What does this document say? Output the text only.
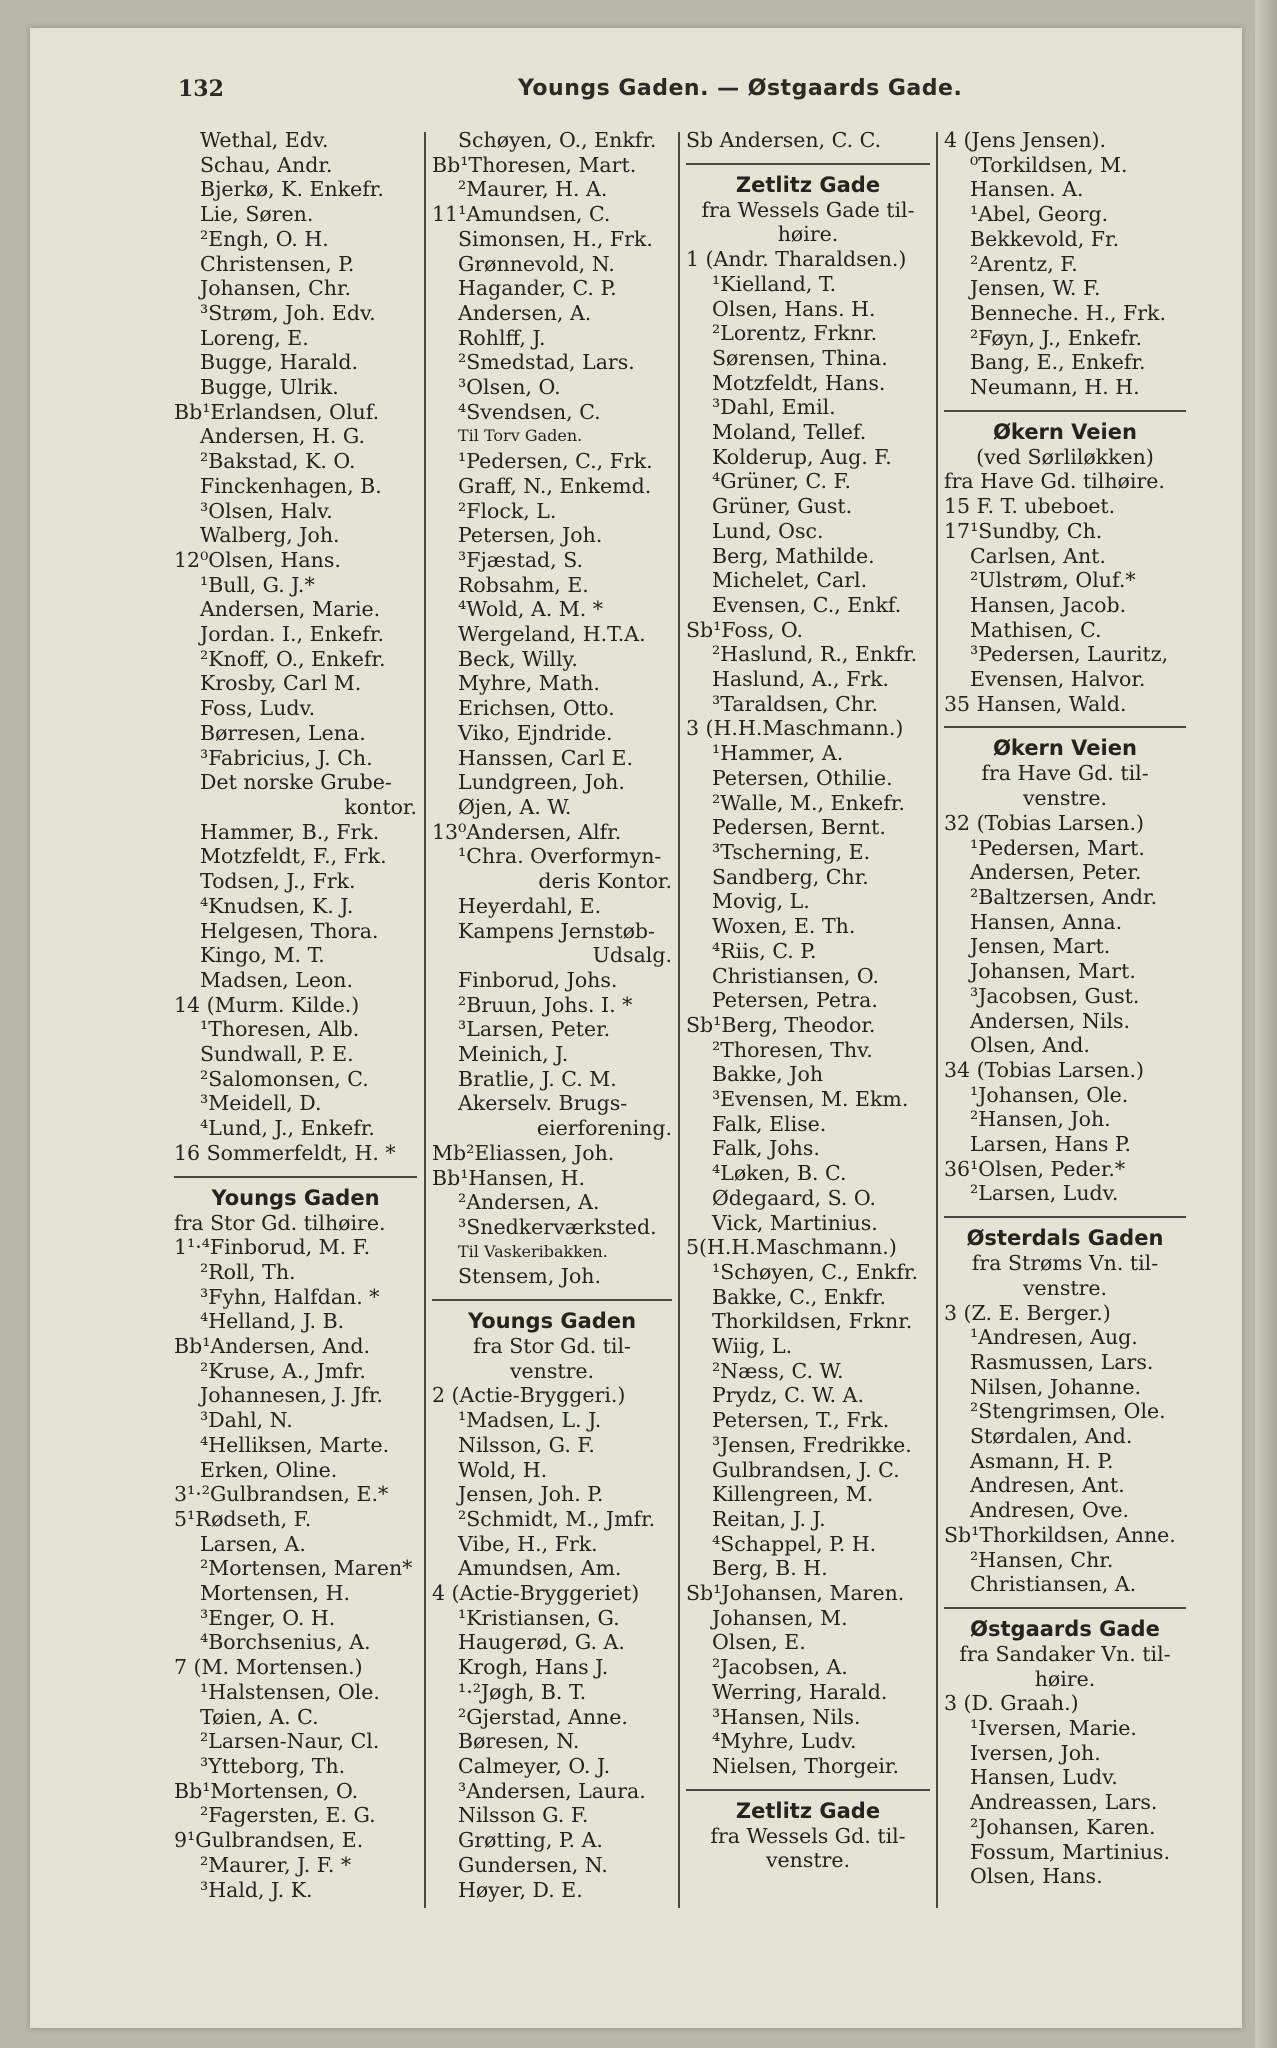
132	Youngs Gaden. — Østgaards Gade.
Wethal, Edv.
Schau, Andr.
Bjerkø, K. Enkefr.
Lie, Søren.
²Engh, O. H.
Christensen, P.
Johansen, Chr.
³Strøm, Joh. Edv.
Loreng, E.
Bugge, Harald.
Bugge, Ulrik.
Bb¹Erlandsen, Oluf.
Andersen, H. G.
²Bakstad, K. O.
Finckenhagen, B.
³Olsen, Halv.
Walberg, Joh.
12⁰Olsen, Hans.
¹Bull, G. J.*
Andersen, Marie.
Jordan. I., Enkefr.
²Knoff, O., Enkefr.
Krosby, Carl M.
Foss, Ludv.
Børresen, Lena.
³Fabricius, J. Ch.
Det norske Grube-
kontor.
Hammer, B., Frk.
Motzfeldt, F., Frk.
Todsen, J., Frk.
⁴Knudsen, K. J.
Helgesen, Thora.
Kingo, M. T.
Madsen, Leon.
14 (Murm. Kilde.)
¹Thoresen, Alb.
Sundwall, P. E.
²Salomonsen, C.
³Meidell, D.
⁴Lund, J., Enkefr.
16 Sommerfeldt, H. *
Youngs Gaden
fra Stor Gd. tilhøire.
1¹·⁴Finborud, M. F.
²Roll, Th.
³Fyhn, Halfdan. *
⁴Helland, J. B.
Bb¹Andersen, And.
²Kruse, A., Jmfr.
Johannesen, J. Jfr.
³Dahl, N.
⁴Helliksen, Marte.
Erken, Oline.
3¹·²Gulbrandsen, E.*
5¹Rødseth, F.
Larsen, A.
²Mortensen, Maren*
Mortensen, H.
³Enger, O. H.
⁴Borchsenius, A.
7 (M. Mortensen.)
¹Halstensen, Ole.
Tøien, A. C.
²Larsen-Naur, Cl.
³Ytteborg, Th.
Bb¹Mortensen, O.
²Fagersten, E. G.
9¹Gulbrandsen, E.
²Maurer, J. F. *
³Hald, J. K.
Schøyen, O., Enkfr.
Bb¹Thoresen, Mart.
²Maurer, H. A.
11¹Amundsen, C.
Simonsen, H., Frk.
Grønnevold, N.
Hagander, C. P.
Andersen, A.
Rohlff, J.
²Smedstad, Lars.
³Olsen, O.
⁴Svendsen, C.
Til Torv Gaden.
¹Pedersen, C., Frk.
Graff, N., Enkemd.
²Flock, L.
Petersen, Joh.
³Fjæstad, S.
Robsahm, E.
⁴Wold, A. M. *
Wergeland, H.T.A.
Beck, Willy.
Myhre, Math.
Erichsen, Otto.
Viko, Ejndride.
Hanssen, Carl E.
Lundgreen, Joh.
Øjen, A. W.
13⁰Andersen, Alfr.
¹Chra. Overformyn-
deris Kontor.
Heyerdahl, E.
Kampens Jernstøb-
Udsalg.
Finborud, Johs.
²Bruun, Johs. I. *
³Larsen, Peter.
Meinich, J.
Bratlie, J. C. M.
Akerselv. Brugs-
eierforening.
Mb²Eliassen, Joh.
Bb¹Hansen, H.
²Andersen, A.
³Snedkerværksted.
Til Vaskeribakken.
Stensem, Joh.
Youngs Gaden
fra Stor Gd. til-
venstre.
2 (Actie-Bryggeri.)
¹Madsen, L. J.
Nilsson, G. F.
Wold, H.
Jensen, Joh. P.
²Schmidt, M., Jmfr.
Vibe, H., Frk.
Amundsen, Am.
4 (Actie-Bryggeriet)
¹Kristiansen, G.
Haugerød, G. A.
Krogh, Hans J.
¹·²Jøgh, B. T.
²Gjerstad, Anne.
Børesen, N.
Calmeyer, O. J.
³Andersen, Laura.
Nilsson G. F.
Grøtting, P. A.
Gundersen, N.
Høyer, D. E.
Sb Andersen, C. C.
Zetlitz Gade
fra Wessels Gade til-
høire.
1 (Andr. Tharaldsen.)
¹Kielland, T.
Olsen, Hans. H.
²Lorentz, Frknr.
Sørensen, Thina.
Motzfeldt, Hans.
³Dahl, Emil.
Moland, Tellef.
Kolderup, Aug. F.
⁴Grüner, C. F.
Grüner, Gust.
Lund, Osc.
Berg, Mathilde.
Michelet, Carl.
Evensen, C., Enkf.
Sb¹Foss, O.
²Haslund, R., Enkfr.
Haslund, A., Frk.
³Taraldsen, Chr.
3 (H.H.Maschmann.)
¹Hammer, A.
Petersen, Othilie.
²Walle, M., Enkefr.
Pedersen, Bernt.
³Tscherning, E.
Sandberg, Chr.
Movig, L.
Woxen, E. Th.
⁴Riis, C. P.
Christiansen, O.
Petersen, Petra.
Sb¹Berg, Theodor.
²Thoresen, Thv.
Bakke, Joh
³Evensen, M. Ekm.
Falk, Elise.
Falk, Johs.
⁴Løken, B. C.
Ødegaard, S. O.
Vick, Martinius.
5(H.H.Maschmann.)
¹Schøyen, C., Enkfr.
Bakke, C., Enkfr.
Thorkildsen, Frknr.
Wiig, L.
²Næss, C. W.
Prydz, C. W. A.
Petersen, T., Frk.
³Jensen, Fredrikke.
Gulbrandsen, J. C.
Killengreen, M.
Reitan, J. J.
⁴Schappel, P. H.
Berg, B. H.
Sb¹Johansen, Maren.
Johansen, M.
Olsen, E.
²Jacobsen, A.
Werring, Harald.
³Hansen, Nils.
⁴Myhre, Ludv.
Nielsen, Thorgeir.
Zetlitz Gade
fra Wessels Gd. til-
venstre.
4 (Jens Jensen).
⁰Torkildsen, M.
Hansen. A.
¹Abel, Georg.
Bekkevold, Fr.
²Arentz, F.
Jensen, W. F.
Benneche. H., Frk.
²Føyn, J., Enkefr.
Bang, E., Enkefr.
Neumann, H. H.
Økern Veien
(ved Sørliløkken)
fra Have Gd. tilhøire.
15 F. T. ubeboet.
17¹Sundby, Ch.
Carlsen, Ant.
²Ulstrøm, Oluf.*
Hansen, Jacob.
Mathisen, C.
³Pedersen, Lauritz,
Evensen, Halvor.
35 Hansen, Wald.
Økern Veien
fra Have Gd. til-
venstre.
32 (Tobias Larsen.)
¹Pedersen, Mart.
Andersen, Peter.
²Baltzersen, Andr.
Hansen, Anna.
Jensen, Mart.
Johansen, Mart.
³Jacobsen, Gust.
Andersen, Nils.
Olsen, And.
34 (Tobias Larsen.)
¹Johansen, Ole.
²Hansen, Joh.
Larsen, Hans P.
36¹Olsen, Peder.*
²Larsen, Ludv.
Østerdals Gaden
fra Strøms Vn. til-
venstre.
3 (Z. E. Berger.)
¹Andresen, Aug.
Rasmussen, Lars.
Nilsen, Johanne.
²Stengrimsen, Ole.
Størdalen, And.
Asmann, H. P.
Andresen, Ant.
Andresen, Ove.
Sb¹Thorkildsen, Anne.
²Hansen, Chr.
Christiansen, A.
Østgaards Gade
fra Sandaker Vn. til-
høire.
3 (D. Graah.)
¹Iversen, Marie.
Iversen, Joh.
Hansen, Ludv.
Andreassen, Lars.
²Johansen, Karen.
Fossum, Martinius.
Olsen, Hans.
